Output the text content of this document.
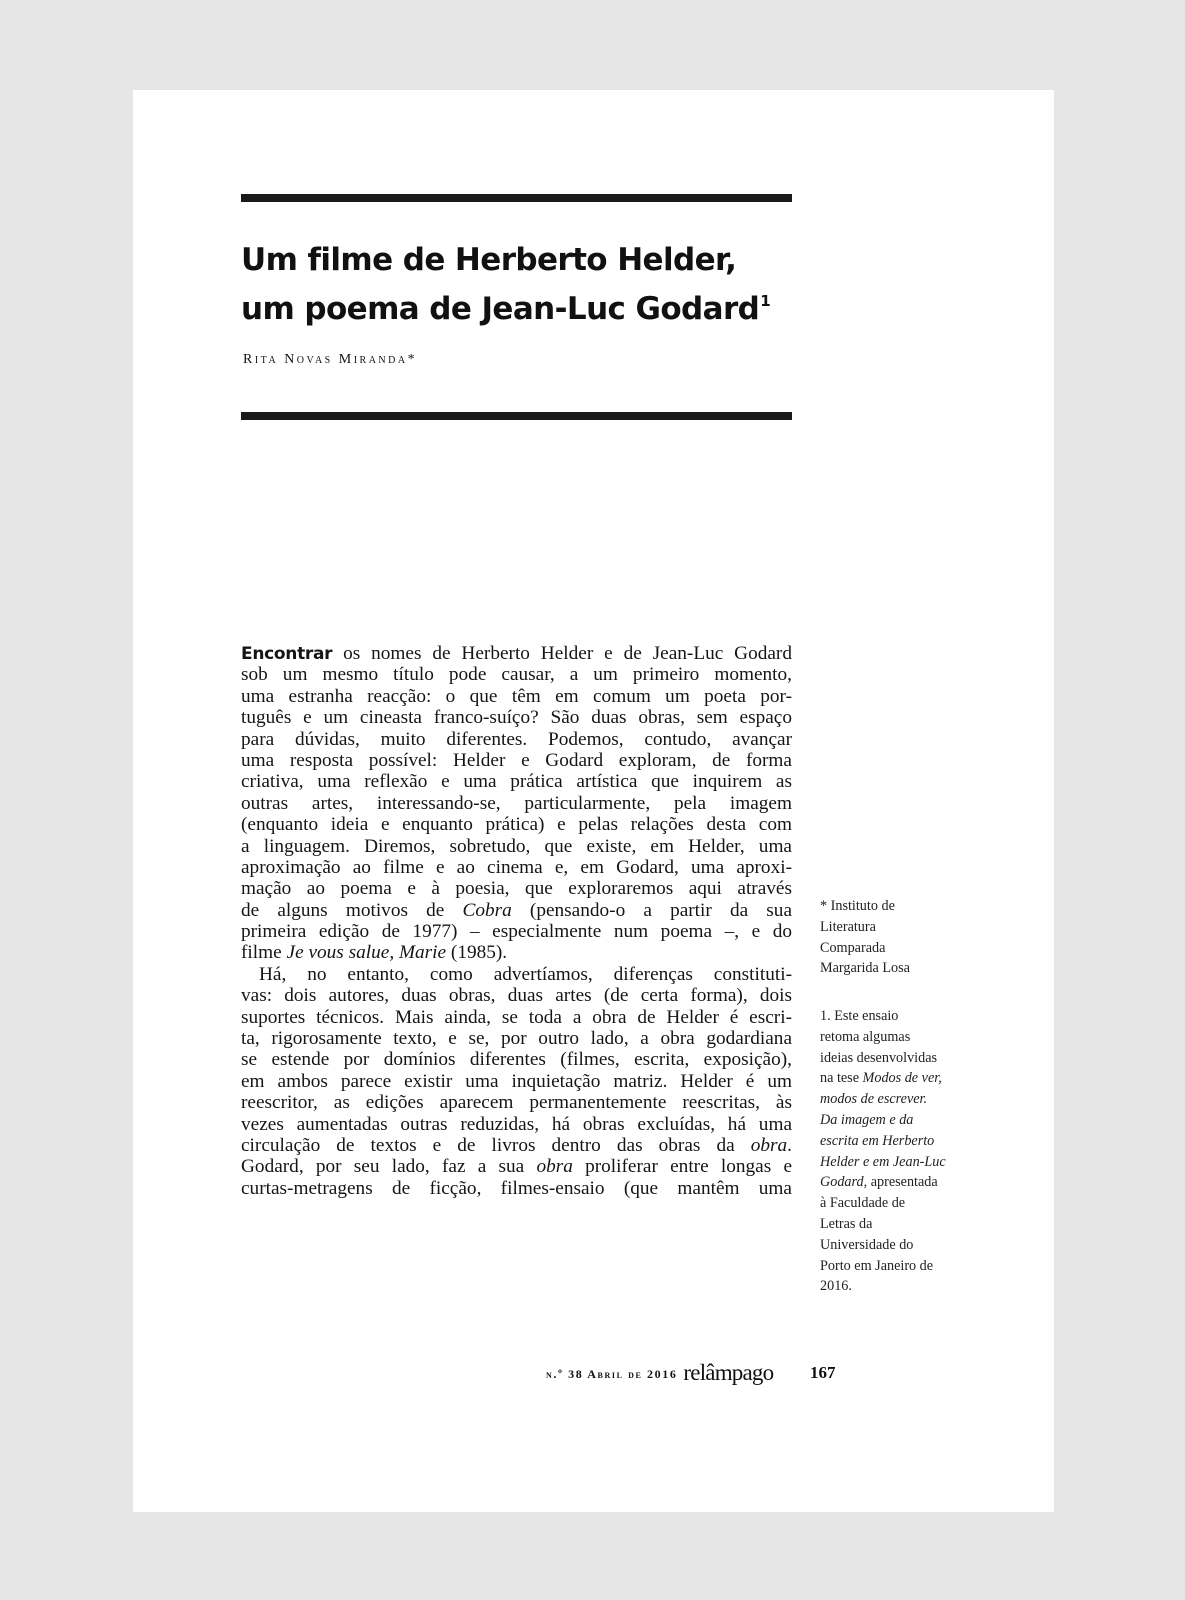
Um filme de Herberto Helder,
um poema de Jean-Luc Godard$^1$
Rita Novas Miranda*
Encontrar os nomes de Herberto Helder e de Jean-Luc Godard
sob um mesmo título pode causar, a um primeiro momento,
uma estranha reacção: o que têm em comum um poeta por-
tuguês e um cineasta franco-suíço? São duas obras, sem espaço
para dúvidas, muito diferentes. Podemos, contudo, avançar
uma resposta possível: Helder e Godard exploram, de forma
criativa, uma reflexão e uma prática artística que inquirem as
outras artes, interessando-se, particularmente, pela imagem
(enquanto ideia e enquanto prática) e pelas relações desta com
a linguagem. Diremos, sobretudo, que existe, em Helder, uma
aproximação ao filme e ao cinema e, em Godard, uma aproxi-
mação ao poema e à poesia, que exploraremos aqui através
de alguns motivos de Cobra (pensando-o a partir da sua
primeira edição de 1977) – especialmente num poema –, e do
filme Je vous salue, Marie (1985).
Há, no entanto, como advertíamos, diferenças constituti-
vas: dois autores, duas obras, duas artes (de certa forma), dois
suportes técnicos. Mais ainda, se toda a obra de Helder é escri-
ta, rigorosamente texto, e se, por outro lado, a obra godardiana
se estende por domínios diferentes (filmes, escrita, exposição),
em ambos parece existir uma inquietação matriz. Helder é um
reescritor, as edições aparecem permanentemente reescritas, às
vezes aumentadas outras reduzidas, há obras excluídas, há uma
circulação de textos e de livros dentro das obras da obra.
Godard, por seu lado, faz a sua obra proliferar entre longas e
curtas-metragens de ficção, filmes-ensaio (que mantêm uma
* Instituto de
Literatura
Comparada
Margarida Losa
1. Este ensaio
retoma algumas
ideias desenvolvidas
na tese Modos de ver,
modos de escrever.
Da imagem e da
escrita em Herberto
Helder e em Jean-Luc
Godard, apresentada
à Faculdade de
Letras da
Universidade do
Porto em Janeiro de
2016.
n.º 38 Abril de 2016 relâmpago 167
